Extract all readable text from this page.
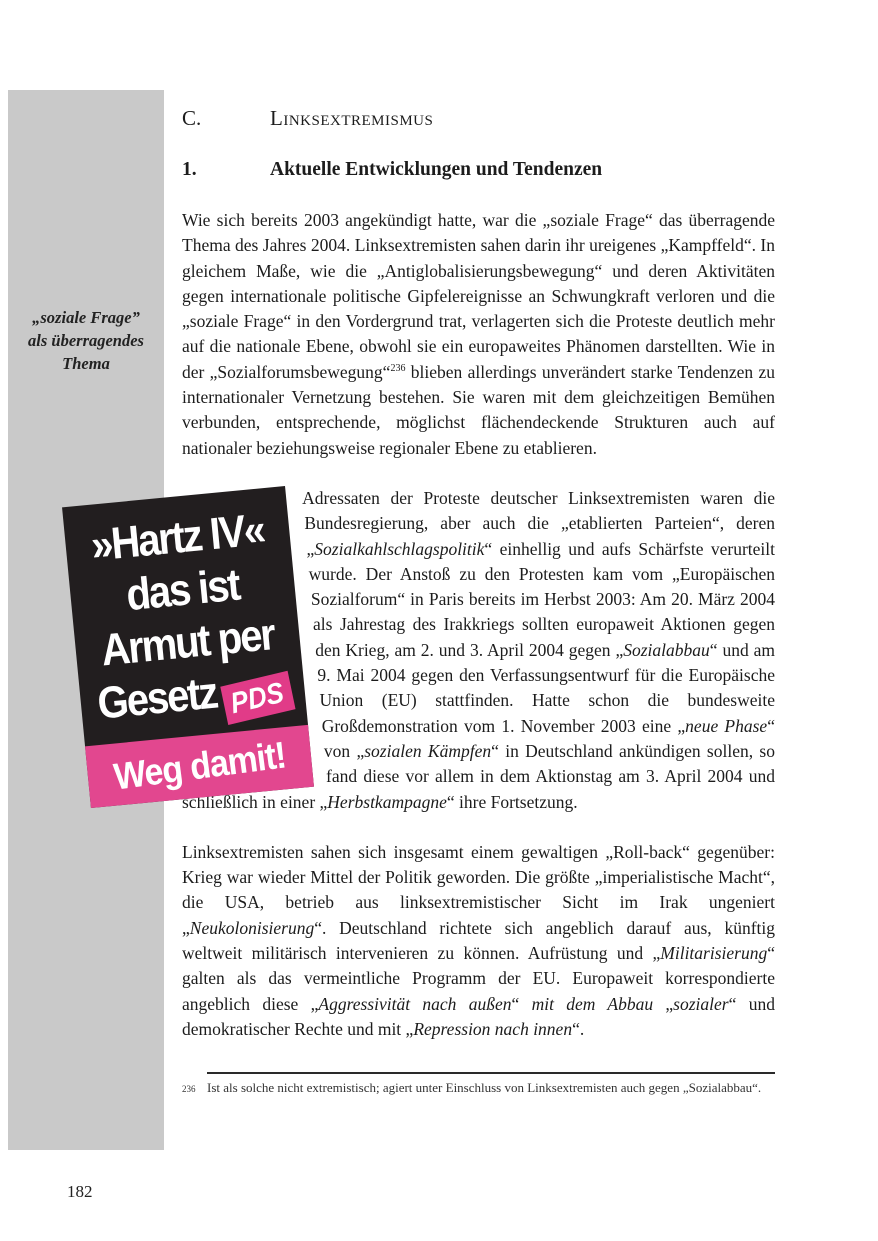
„soziale Frage”
als überragendes
Thema
C.	Linksextremismus
1.	Aktuelle Entwicklungen und Tendenzen

Wie sich bereits 2003 angekündigt hatte, war die „soziale Frage“ das überragende Thema des Jahres 2004. Linksextremisten sahen darin ihr ureigenes „Kampffeld“. In gleichem Maße, wie die „Antiglobalisierungsbewegung“ und deren Aktivitäten gegen internationale politische Gipfelereignisse an Schwungkraft verloren und die „soziale Frage“ in den Vordergrund trat, verlagerten sich die Proteste deutlich mehr auf die nationale Ebene, obwohl sie ein europaweites Phänomen darstellten. Wie in der „Sozialforumsbewegung“$^{236}$ blieben allerdings unverändert starke Tendenzen zu internationaler Vernetzung bestehen. Sie waren mit dem gleichzeitigen Bemühen verbunden, entsprechende, möglichst flächendeckende Strukturen auch auf nationaler beziehungsweise regionaler Ebene zu etablieren.

Adressaten der Proteste deutscher Linksextremisten waren die Bundesregierung, aber auch die „etablierten Parteien“, deren „Sozialkahlschlagspolitik“ einhellig und aufs Schärfste verurteilt wurde. Der Anstoß zu den Protesten kam vom „Europäischen Sozialforum“ in Paris bereits im Herbst 2003: Am 20. März 2004 als Jahrestag des Irakkriegs sollten europaweit Aktionen gegen den Krieg, am 2. und 3. April 2004 gegen „Sozialabbau“ und am 9. Mai 2004 gegen den Verfassungsentwurf für die Europäische Union (EU) stattfinden. Hatte schon die bundesweite Großdemonstration vom 1. November 2003 eine „neue Phase“ von „sozialen Kämpfen“ in Deutschland ankündigen sollen, so fand diese vor allem in dem Aktionstag am 3. April 2004 und schließlich in einer „Herbstkampagne“ ihre Fortsetzung.

Linksextremisten sahen sich insgesamt einem gewaltigen „Roll-back“ gegenüber: Krieg war wieder Mittel der Politik geworden. Die größte „imperialistische Macht“, die USA, betrieb aus linksextremistischer Sicht im Irak ungeniert „Neukolonisierung“. Deutschland richtete sich angeblich darauf aus, künftig weltweit militärisch intervenieren zu können. Aufrüstung und „Militarisierung“ galten als das vermeintliche Programm der EU. Europaweit korrespondierte angeblich diese „Aggressivität nach außen“ mit dem Abbau „sozialer“ und demokratischer Rechte und mit „Repression nach innen“.

236 Ist als solche nicht extremistisch; agiert unter Einschluss von Linksextremisten auch gegen „Sozialabbau“.
»Hartz IV«
das ist
Armut per
Gesetz PDS
Weg damit!
182
